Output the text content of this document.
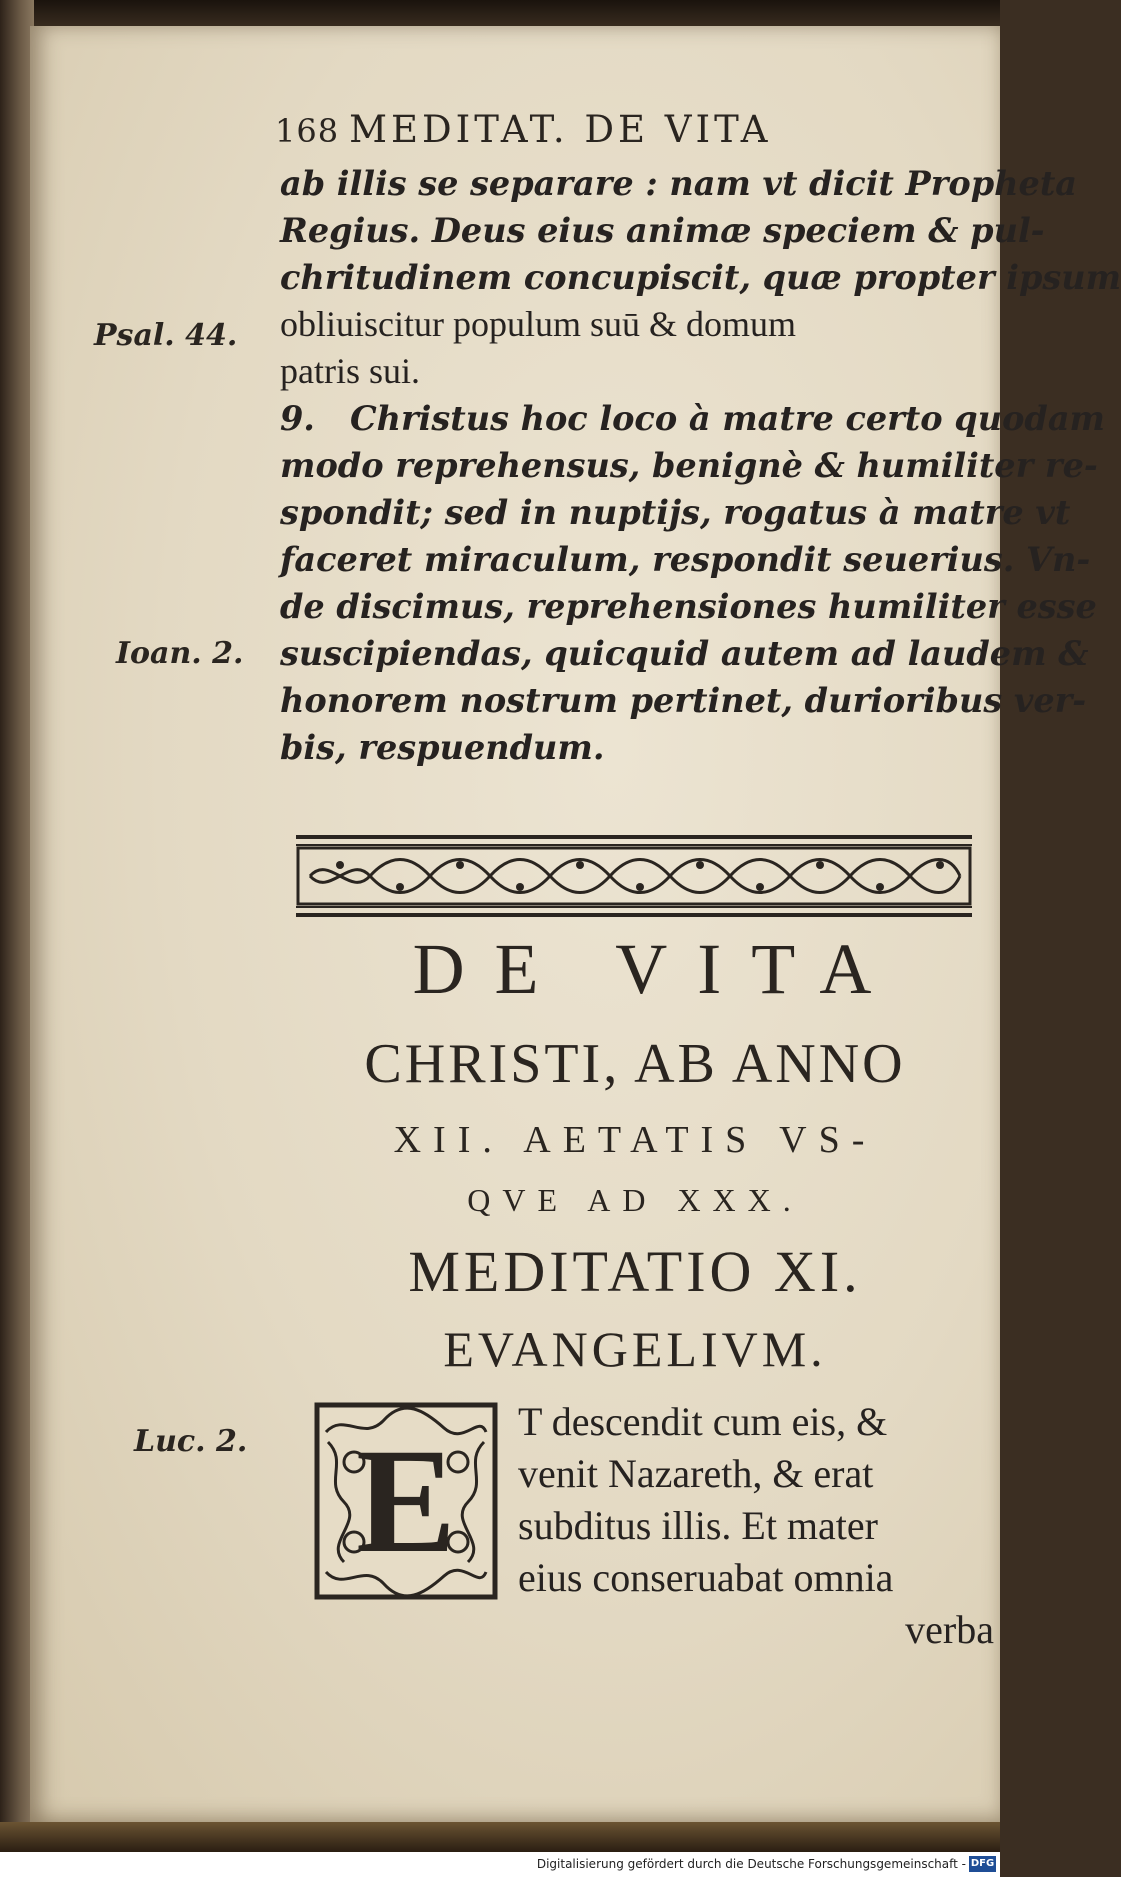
168 MEDITAT. DE VITA
Psal. 44.
Ioan. 2.
Luc. 2.
ab illis se separare : nam vt dicit Propheta
Regius. Deus eius animæ speciem & pul-
chritudinem concupiscit, quæ propter ipsum
obliuiscitur populum suū & domum
patris sui.
9. Christus hoc loco à matre certo quodam
modo reprehensus, benignè & humiliter re-
spondit; sed in nuptijs, rogatus à matre vt
faceret miraculum, respondit seuerius. Vn-
de discimus, reprehensiones humiliter esse
suscipiendas, quicquid autem ad laudem &
honorem nostrum pertinet, durioribus ver-
bis, respuendum.
DE VITA
CHRISTI, AB ANNO
XII. AETATIS VS-
QVE AD XXX.
MEDITATIO XI.
EVANGELIVM.
E	T descendit cum eis, &
venit Nazareth, & erat
subditus illis. Et mater
eius conseruabat omnia
verba
Digitalisierung gefördert durch die Deutsche Forschungsgemeinschaft - DFG
